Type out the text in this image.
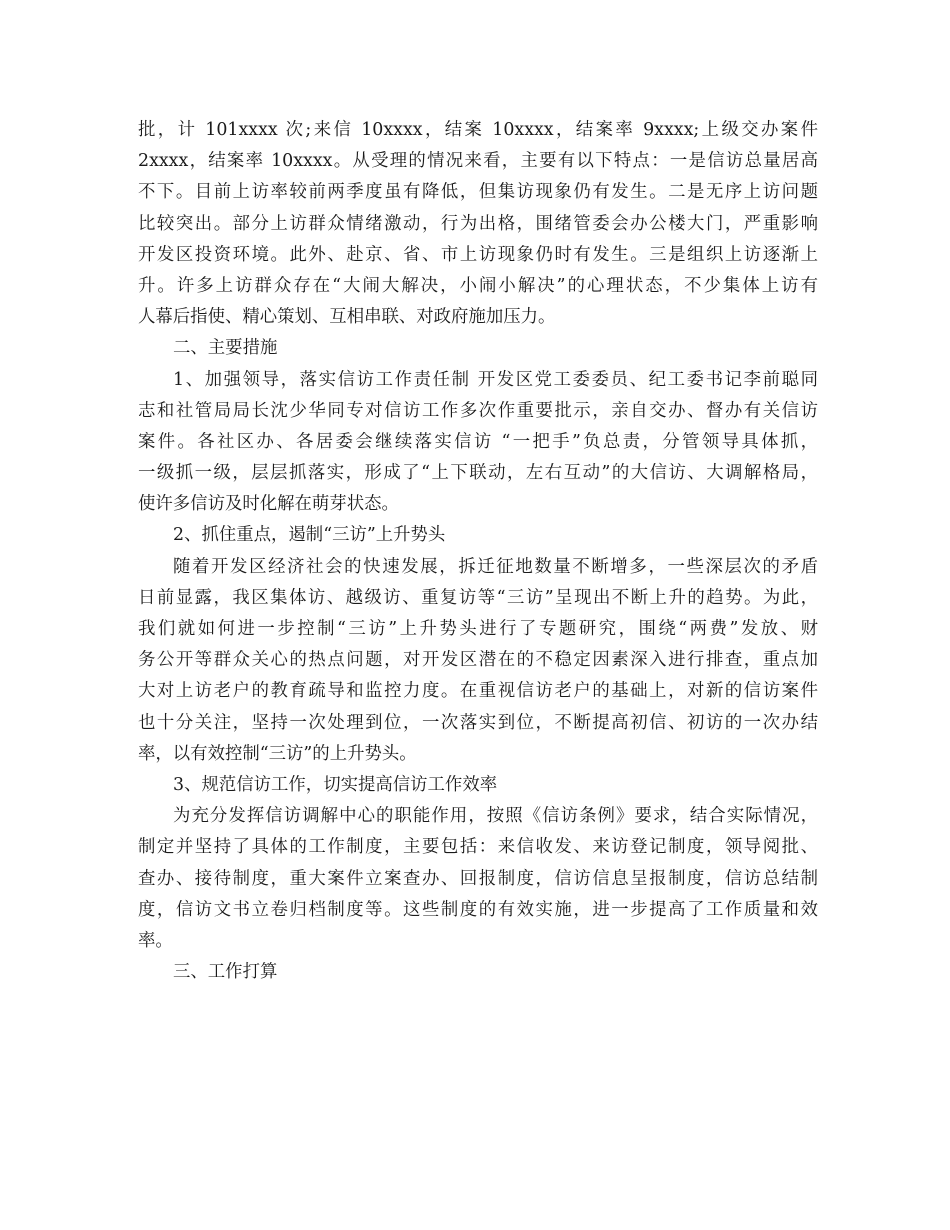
批，计 101xxxx 次;来信 10xxxx，结案 10xxxx，结案率 9xxxx;上级交办案件
2xxxx，结案率 10xxxx。从受理的情况来看，主要有以下特点：一是信访总量居高
不下。目前上访率较前两季度虽有降低，但集访现象仍有发生。二是无序上访问题
比较突出。部分上访群众情绪激动，行为出格，围绪管委会办公楼大门，严重影响
开发区投资环境。此外、赴京、省、市上访现象仍时有发生。三是组织上访逐渐上
升。许多上访群众存在“大闹大解决，小闹小解决”的心理状态，不少集体上访有
人幕后指使、精心策划、互相串联、对政府施加压力。
二、主要措施
1、加强领导，落实信访工作责任制 开发区党工委委员、纪工委书记李前聪同
志和社管局局长沈少华同专对信访工作多次作重要批示，亲自交办、督办有关信访
案件。各社区办、各居委会继续落实信访 “一把手”负总责，分管领导具体抓，
一级抓一级，层层抓落实，形成了“上下联动，左右互动”的大信访、大调解格局，
使许多信访及时化解在萌芽状态。
2、抓住重点，遏制“三访”上升势头
随着开发区经济社会的快速发展，拆迁征地数量不断增多，一些深层次的矛盾
日前显露，我区集体访、越级访、重复访等“三访”呈现出不断上升的趋势。为此，
我们就如何进一步控制“三访”上升势头进行了专题研究，围绕“两费”发放、财
务公开等群众关心的热点问题，对开发区潜在的不稳定因素深入进行排查，重点加
大对上访老户的教育疏导和监控力度。在重视信访老户的基础上，对新的信访案件
也十分关注，坚持一次处理到位，一次落实到位，不断提高初信、初访的一次办结
率，以有效控制“三访”的上升势头。
3、规范信访工作，切实提高信访工作效率
为充分发挥信访调解中心的职能作用，按照《信访条例》要求，结合实际情况，
制定并坚持了具体的工作制度，主要包括：来信收发、来访登记制度，领导阅批、
查办、接待制度，重大案件立案查办、回报制度，信访信息呈报制度，信访总结制
度，信访文书立卷归档制度等。这些制度的有效实施，进一步提高了工作质量和效
率。
三、工作打算
